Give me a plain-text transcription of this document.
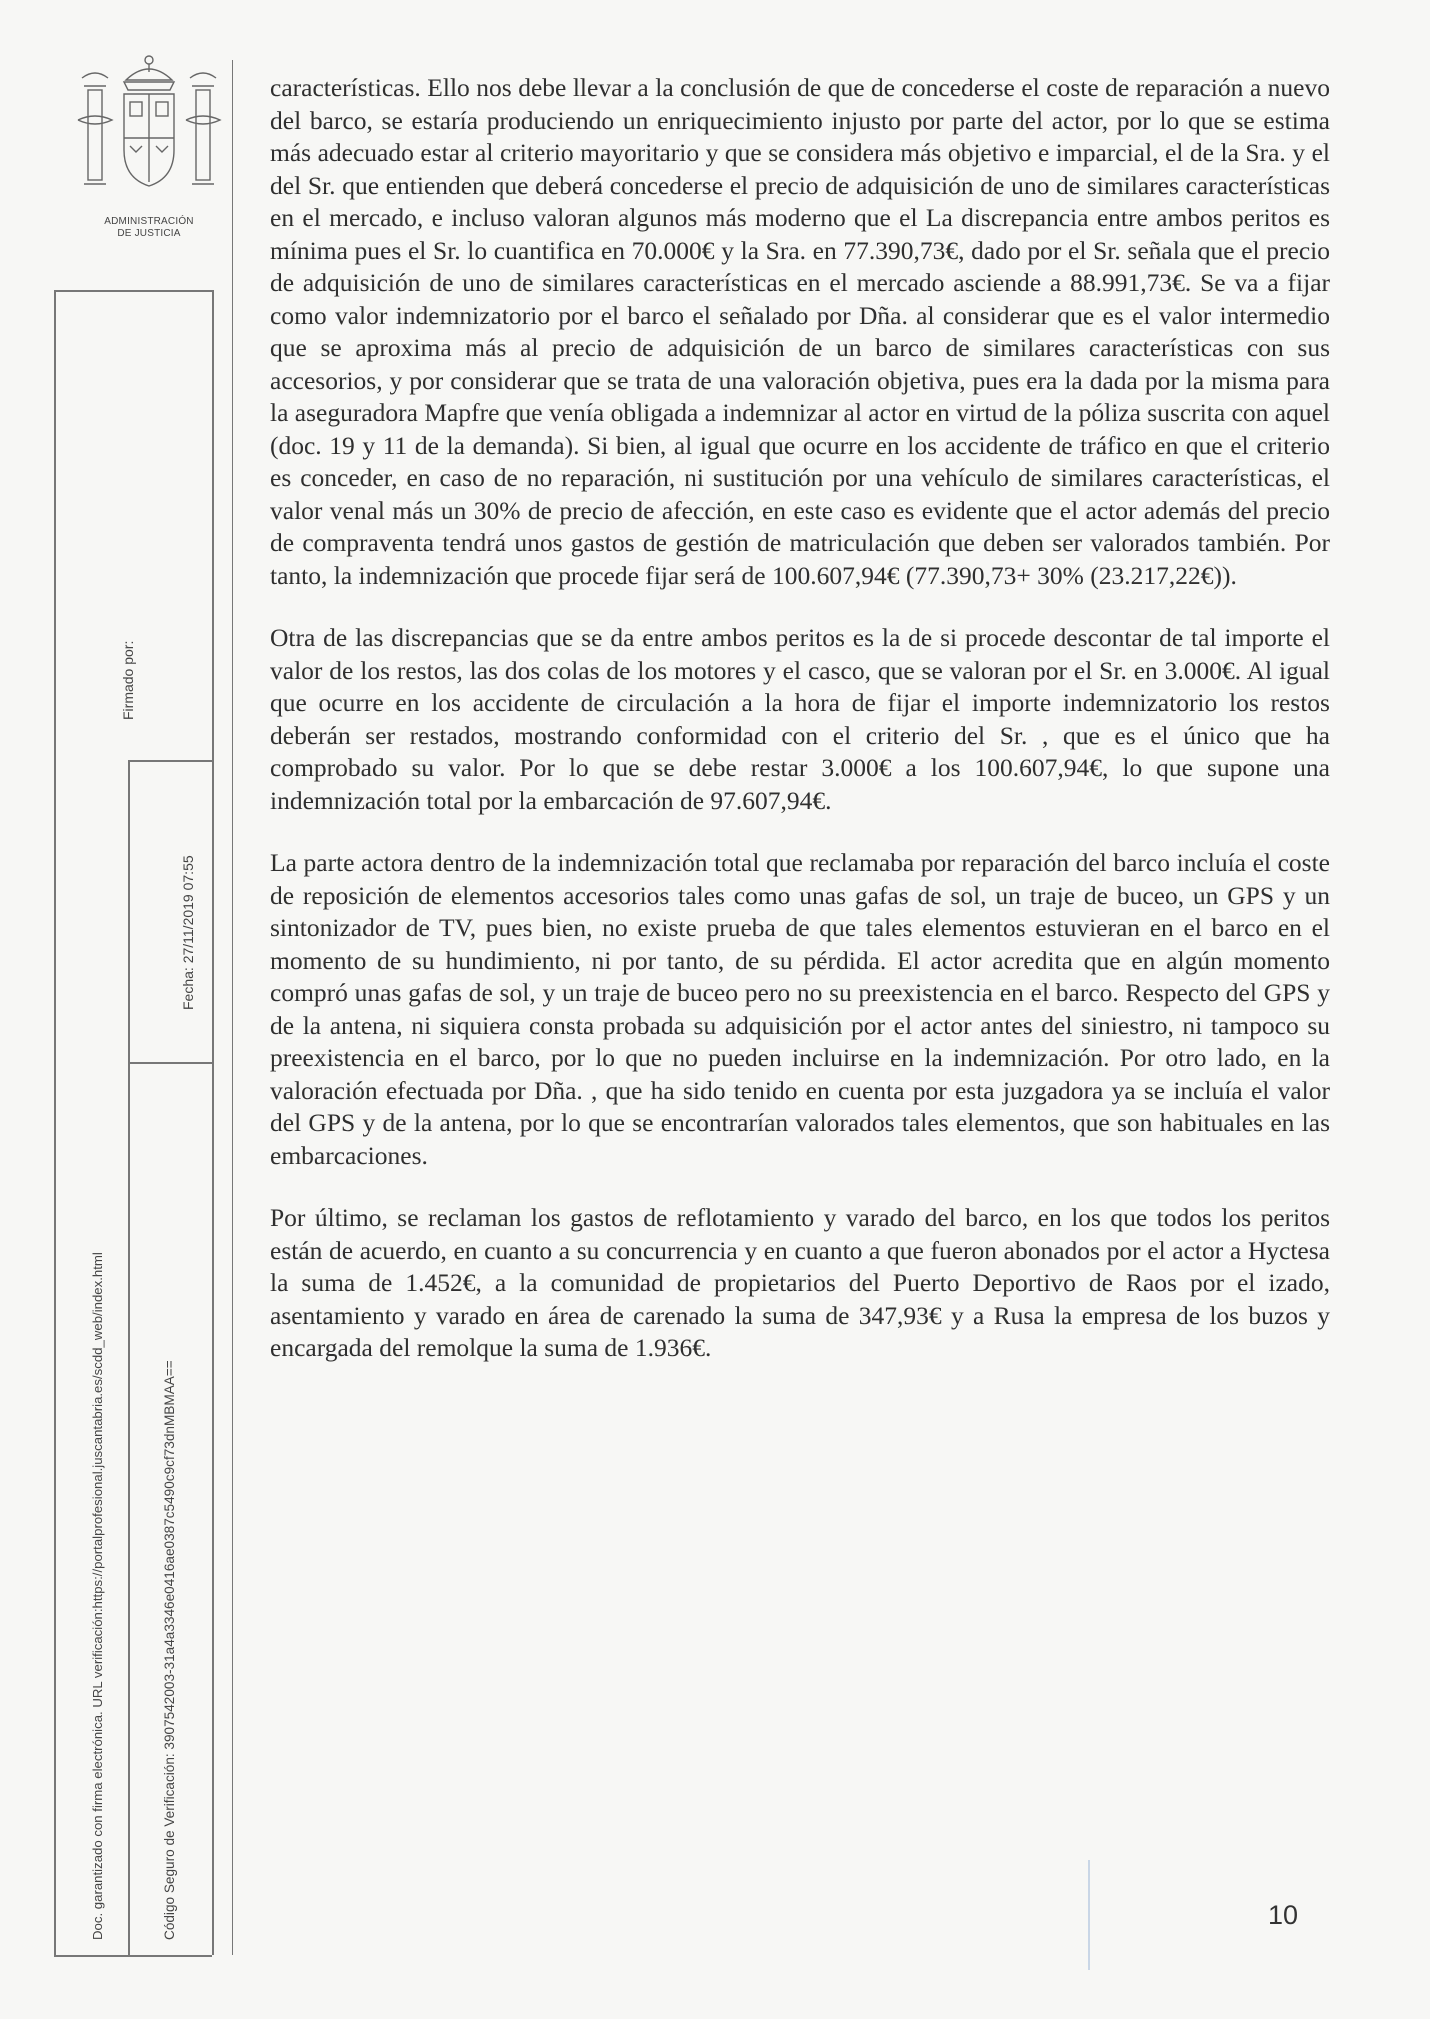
ADMINISTRACIÓN
DE JUSTICIA
Firmado por:
Fecha: 27/11/2019 07:55
Doc. garantizado con firma electrónica. URL verificación:https://portalprofesional.juscantabria.es/scdd_web/index.html	Código Seguro de Verificación: 3907542003-31a4a3346e0416ae0387c5490c9cf73dnMBMAA==

características. Ello nos debe llevar a la conclusión de que de concederse el coste de reparación a nuevo del barco, se estaría produciendo un enriquecimiento injusto por parte del actor, por lo que se estima más adecuado estar al criterio mayoritario y que se considera más objetivo e imparcial, el de la Sra. y el del Sr. que entienden que deberá concederse el precio de adquisición de uno de similares características en el mercado, e incluso valoran algunos más moderno que el La discrepancia entre ambos peritos es mínima pues el Sr. lo cuantifica en 70.000€ y la Sra. en 77.390,73€, dado por el Sr. señala que el precio de adquisición de uno de similares características en el mercado asciende a 88.991,73€. Se va a fijar como valor indemnizatorio por el barco el señalado por Dña. al considerar que es el valor intermedio que se aproxima más al precio de adquisición de un barco de similares características con sus accesorios, y por considerar que se trata de una valoración objetiva, pues era la dada por la misma para la aseguradora Mapfre que venía obligada a indemnizar al actor en virtud de la póliza suscrita con aquel (doc. 19 y 11 de la demanda). Si bien, al igual que ocurre en los accidente de tráfico en que el criterio es conceder, en caso de no reparación, ni sustitución por una vehículo de similares características, el valor venal más un 30% de precio de afección, en este caso es evidente que el actor además del precio de compraventa tendrá unos gastos de gestión de matriculación que deben ser valorados también. Por tanto, la indemnización que procede fijar será de 100.607,94€ (77.390,73+ 30% (23.217,22€)).

Otra de las discrepancias que se da entre ambos peritos es la de si procede descontar de tal importe el valor de los restos, las dos colas de los motores y el casco, que se valoran por el Sr. en 3.000€. Al igual que ocurre en los accidente de circulación a la hora de fijar el importe indemnizatorio los restos deberán ser restados, mostrando conformidad con el criterio del Sr. , que es el único que ha comprobado su valor. Por lo que se debe restar 3.000€ a los 100.607,94€, lo que supone una indemnización total por la embarcación de 97.607,94€.

La parte actora dentro de la indemnización total que reclamaba por reparación del barco incluía el coste de reposición de elementos accesorios tales como unas gafas de sol, un traje de buceo, un GPS y un sintonizador de TV, pues bien, no existe prueba de que tales elementos estuvieran en el barco en el momento de su hundimiento, ni por tanto, de su pérdida. El actor acredita que en algún momento compró unas gafas de sol, y un traje de buceo pero no su preexistencia en el barco. Respecto del GPS y de la antena, ni siquiera consta probada su adquisición por el actor antes del siniestro, ni tampoco su preexistencia en el barco, por lo que no pueden incluirse en la indemnización. Por otro lado, en la valoración efectuada por Dña. , que ha sido tenido en cuenta por esta juzgadora ya se incluía el valor del GPS y de la antena, por lo que se encontrarían valorados tales elementos, que son habituales en las embarcaciones.

Por último, se reclaman los gastos de reflotamiento y varado del barco, en los que todos los peritos están de acuerdo, en cuanto a su concurrencia y en cuanto a que fueron abonados por el actor a Hyctesa la suma de 1.452€, a la comunidad de propietarios del Puerto Deportivo de Raos por el izado, asentamiento y varado en área de carenado la suma de 347,93€ y a Rusa la empresa de los buzos y encargada del remolque la suma de 1.936€.

10
